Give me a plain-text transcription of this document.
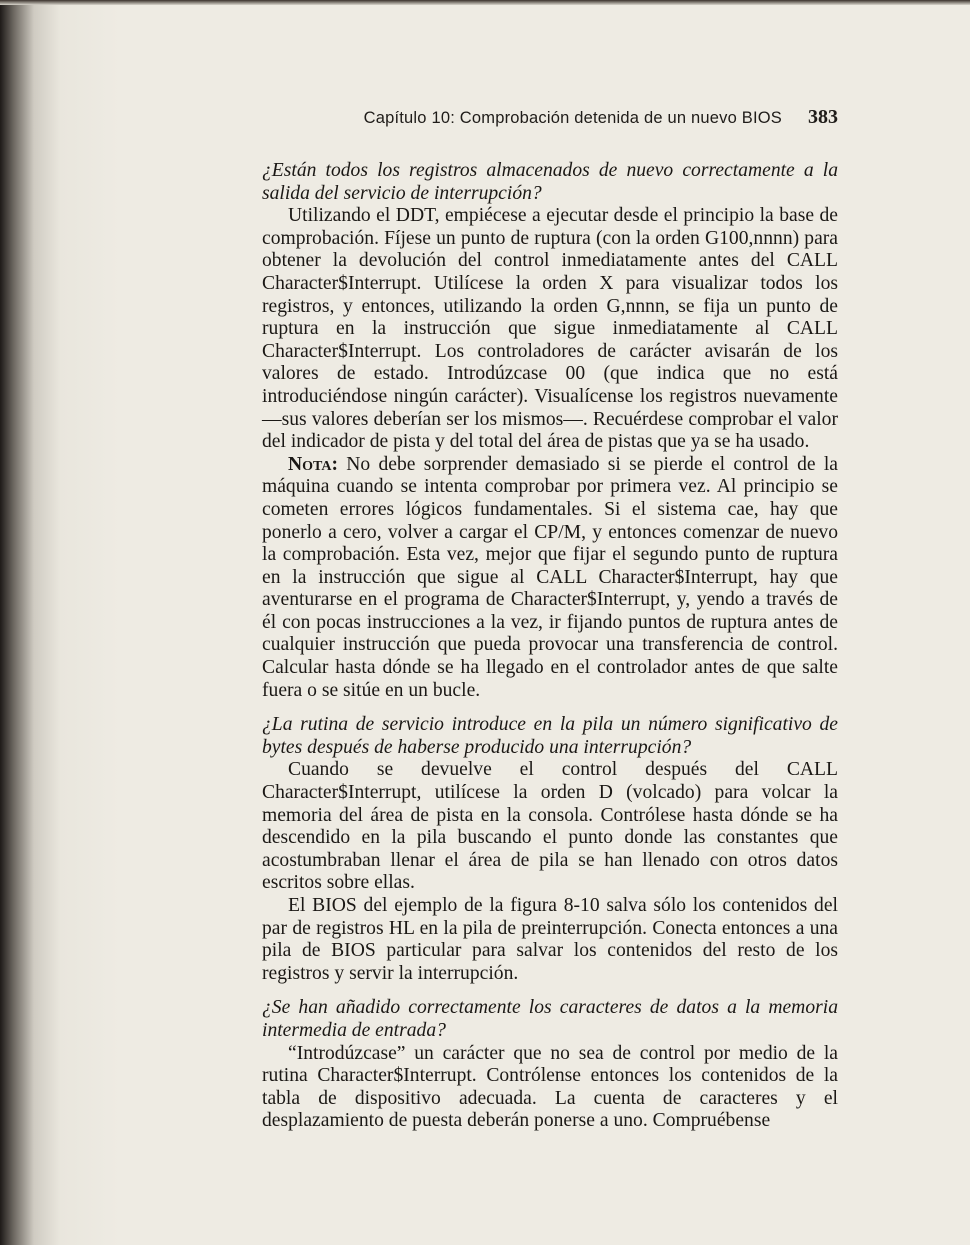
Capítulo 10: Comprobación detenida de un nuevo BIOS 383

¿Están todos los registros almacenados de nuevo correctamente a la salida del servicio de interrupción?

Utilizando el DDT, empiécese a ejecutar desde el principio la base de comprobación. Fíjese un punto de ruptura (con la orden G100,nnnn) para obtener la devolución del control inmediatamente antes del CALL Character$Interrupt. Utilícese la orden X para visualizar todos los registros, y entonces, utilizando la orden G,nnnn, se fija un punto de ruptura en la instrucción que sigue inmediatamente al CALL Character$Interrupt. Los controladores de carácter avisarán de los valores de estado. Introdúzcase 00 (que indica que no está introduciéndose ningún carácter). Visualícense los registros nuevamente —sus valores deberían ser los mismos—. Recuérdese comprobar el valor del indicador de pista y del total del área de pistas que ya se ha usado.

Nota: No debe sorprender demasiado si se pierde el control de la máquina cuando se intenta comprobar por primera vez. Al principio se cometen errores lógicos fundamentales. Si el sistema cae, hay que ponerlo a cero, volver a cargar el CP/M, y entonces comenzar de nuevo la comprobación. Esta vez, mejor que fijar el segundo punto de ruptura en la instrucción que sigue al CALL Character$Interrupt, hay que aventurarse en el programa de Character$Interrupt, y, yendo a través de él con pocas instrucciones a la vez, ir fijando puntos de ruptura antes de cualquier instrucción que pueda provocar una transferencia de control. Calcular hasta dónde se ha llegado en el controlador antes de que salte fuera o se sitúe en un bucle.

¿La rutina de servicio introduce en la pila un número significativo de bytes después de haberse producido una interrupción?

Cuando se devuelve el control después del CALL Character$Interrupt, utilícese la orden D (volcado) para volcar la memoria del área de pista en la consola. Contrólese hasta dónde se ha descendido en la pila buscando el punto donde las constantes que acostumbraban llenar el área de pila se han llenado con otros datos escritos sobre ellas.

El BIOS del ejemplo de la figura 8-10 salva sólo los contenidos del par de registros HL en la pila de preinterrupción. Conecta entonces a una pila de BIOS particular para salvar los contenidos del resto de los registros y servir la interrupción.

¿Se han añadido correctamente los caracteres de datos a la memoria intermedia de entrada?

“Introdúzcase” un carácter que no sea de control por medio de la rutina Character$Interrupt. Contrólense entonces los contenidos de la tabla de dispositivo adecuada. La cuenta de caracteres y el desplazamiento de puesta deberán ponerse a uno. Compruébense
